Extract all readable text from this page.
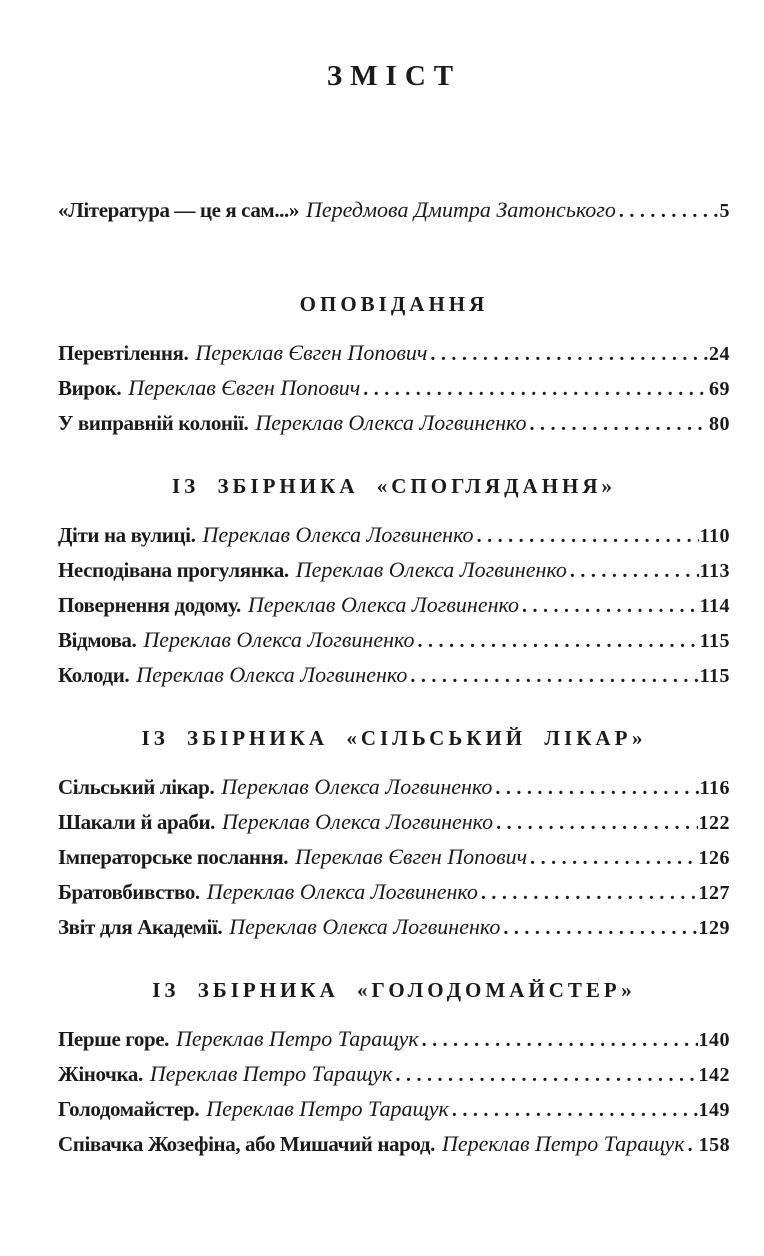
ЗМІСТ
«Література — це я сам...» Передмова Дмитра Затонського .....	5
ОПОВІДАННЯ
Перевтілення. Переклав Євген Попович .....	24
Вирок. Переклав Євген Попович .....	69
У виправній колонії. Переклав Олекса Логвиненко .....	80
ІЗ ЗБІРНИКА «СПОГЛЯДАННЯ»
Діти на вулиці. Переклав Олекса Логвиненко .....	110
Несподівана прогулянка. Переклав Олекса Логвиненко .....	113
Повернення додому. Переклав Олекса Логвиненко .....	114
Відмова. Переклав Олекса Логвиненко .....	115
Колоди. Переклав Олекса Логвиненко .....	115
ІЗ ЗБІРНИКА «СІЛЬСЬКИЙ ЛІКАР»
Сільський лікар. Переклав Олекса Логвиненко .....	116
Шакали й араби. Переклав Олекса Логвиненко .....	122
Імператорське послання. Переклав Євген Попович .....	126
Братовбивство. Переклав Олекса Логвиненко .....	127
Звіт для Академії. Переклав Олекса Логвиненко .....	129
ІЗ ЗБІРНИКА «ГОЛОДОМАЙСТЕР»
Перше горе. Переклав Петро Таращук .....	140
Жіночка. Переклав Петро Таращук .....	142
Голодомайстер. Переклав Петро Таращук .....	149
Співачка Жозефіна, або Мишачий народ. Переклав Петро Таращук ..... 158
